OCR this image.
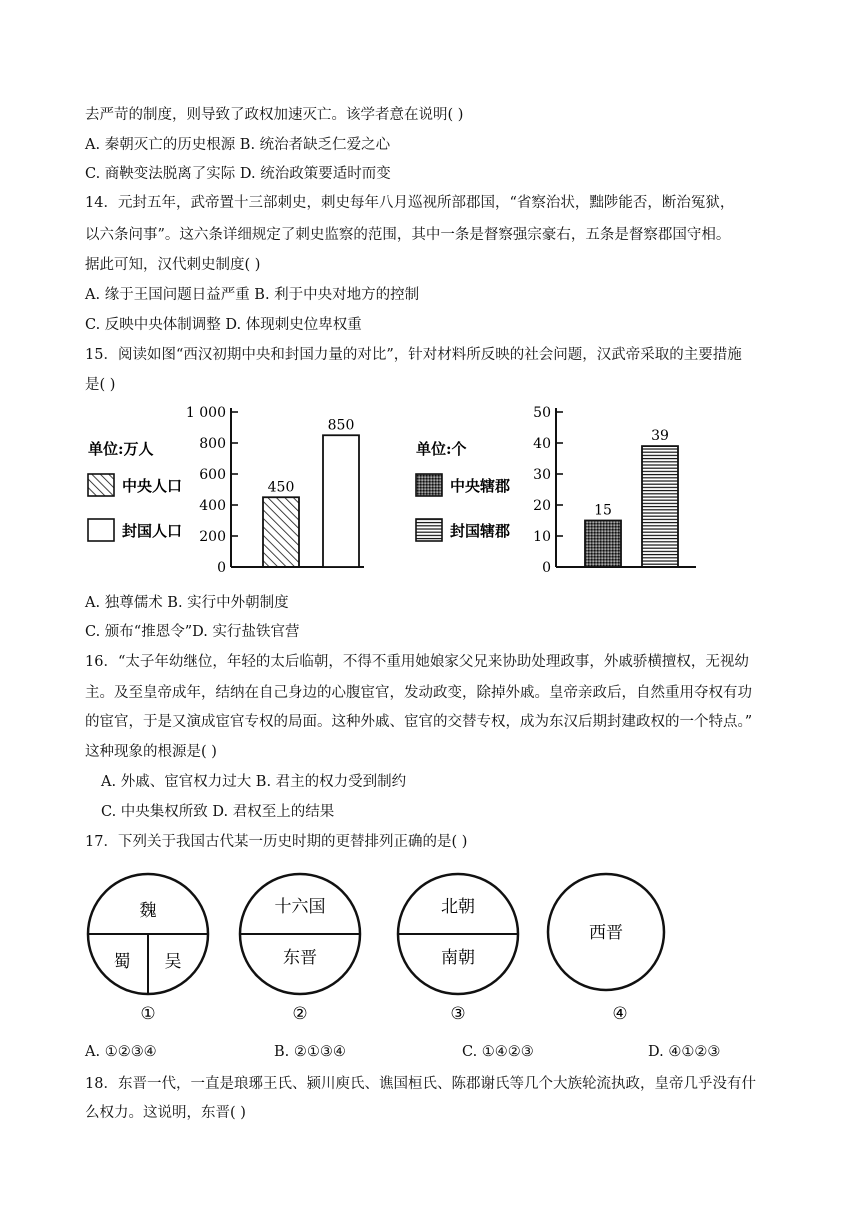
去严苛的制度，则导致了政权加速灭亡。该学者意在说明( )
A. 秦朝灭亡的历史根源 B. 统治者缺乏仁爱之心
C. 商鞅变法脱离了实际 D. 统治政策要适时而变
14．元封五年，武帝置十三部刺史，刺史每年八月巡视所部郡国，“省察治状，黜陟能否，断治冤狱，
以六条问事”。这六条详细规定了刺史监察的范围，其中一条是督察强宗豪右，五条是督察郡国守相。
据此可知，汉代刺史制度( )
A. 缘于王国问题日益严重 B. 利于中央对地方的控制
C. 反映中央体制调整 D. 体现刺史位卑权重
15．阅读如图“西汉初期中央和封国力量的对比”，针对材料所反映的社会问题，汉武帝采取的主要措施
是( )
0
200
400
600
800
1 000
单位:万人
中央人口
封国人口
450
850
0
10
20
30
40
50
单位:个
中央辖郡
封国辖郡
15
39
A. 独尊儒术 B. 实行中外朝制度
C. 颁布“推恩令”D. 实行盐铁官营
16．“太子年幼继位，年轻的太后临朝，不得不重用她娘家父兄来协助处理政事，外戚骄横擅权，无视幼
主。及至皇帝成年，结纳在自己身边的心腹宦官，发动政变，除掉外戚。皇帝亲政后，自然重用夺权有功
的宦官，于是又演成宦官专权的局面。这种外戚、宦官的交替专权，成为东汉后期封建政权的一个特点。”
这种现象的根源是( )
A. 外戚、宦官权力过大 B. 君主的权力受到制约
C. 中央集权所致 D. 君权至上的结果
17．下列关于我国古代某一历史时期的更替排列正确的是( )
魏
蜀 吴
①
十六国
东晋
②
北朝
南朝
③
西晋
④
A. ①②③④	B. ②①③④	C. ①④②③	D. ④①②③
18．东晋一代，一直是琅琊王氏、颍川庾氏、谯国桓氏、陈郡谢氏等几个大族轮流执政，皇帝几乎没有什
么权力。这说明，东晋( )
